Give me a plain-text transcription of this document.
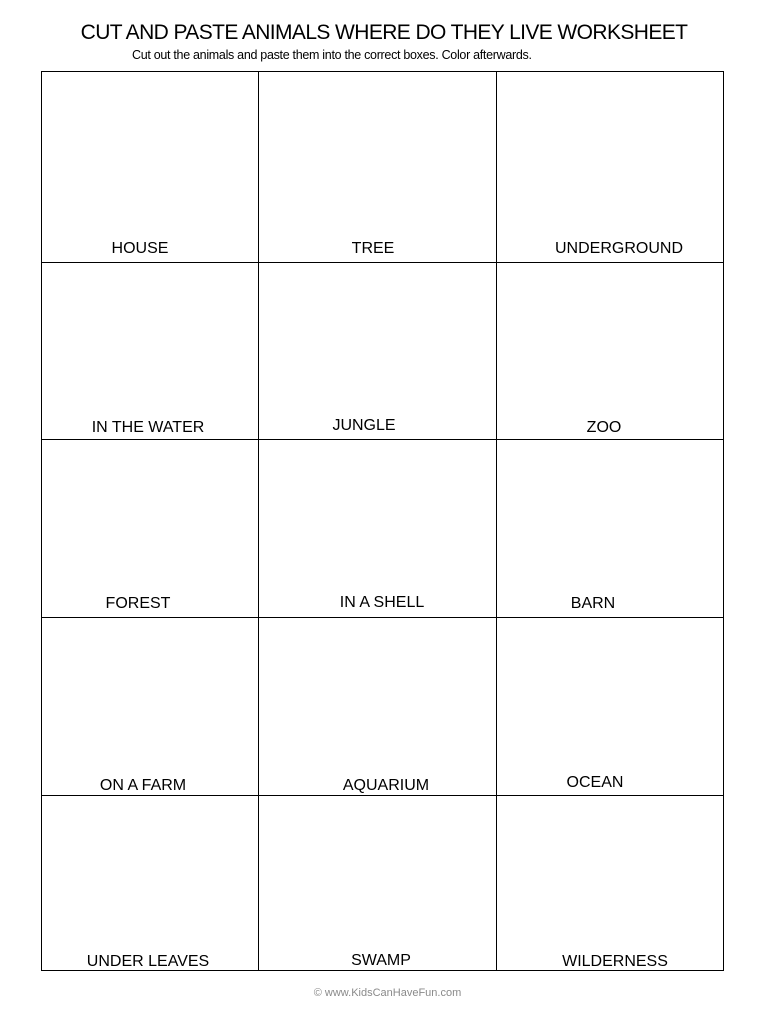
CUT AND PASTE ANIMALS WHERE DO THEY LIVE WORKSHEET
Cut out the animals and paste them into the correct boxes. Color afterwards.
HOUSE	TREE	UNDERGROUND
IN THE WATER	JUNGLE	ZOO
FOREST	IN A SHELL	BARN
ON A FARM	AQUARIUM	OCEAN
UNDER LEAVES	SWAMP	WILDERNESS
© www.KidsCanHaveFun.com
